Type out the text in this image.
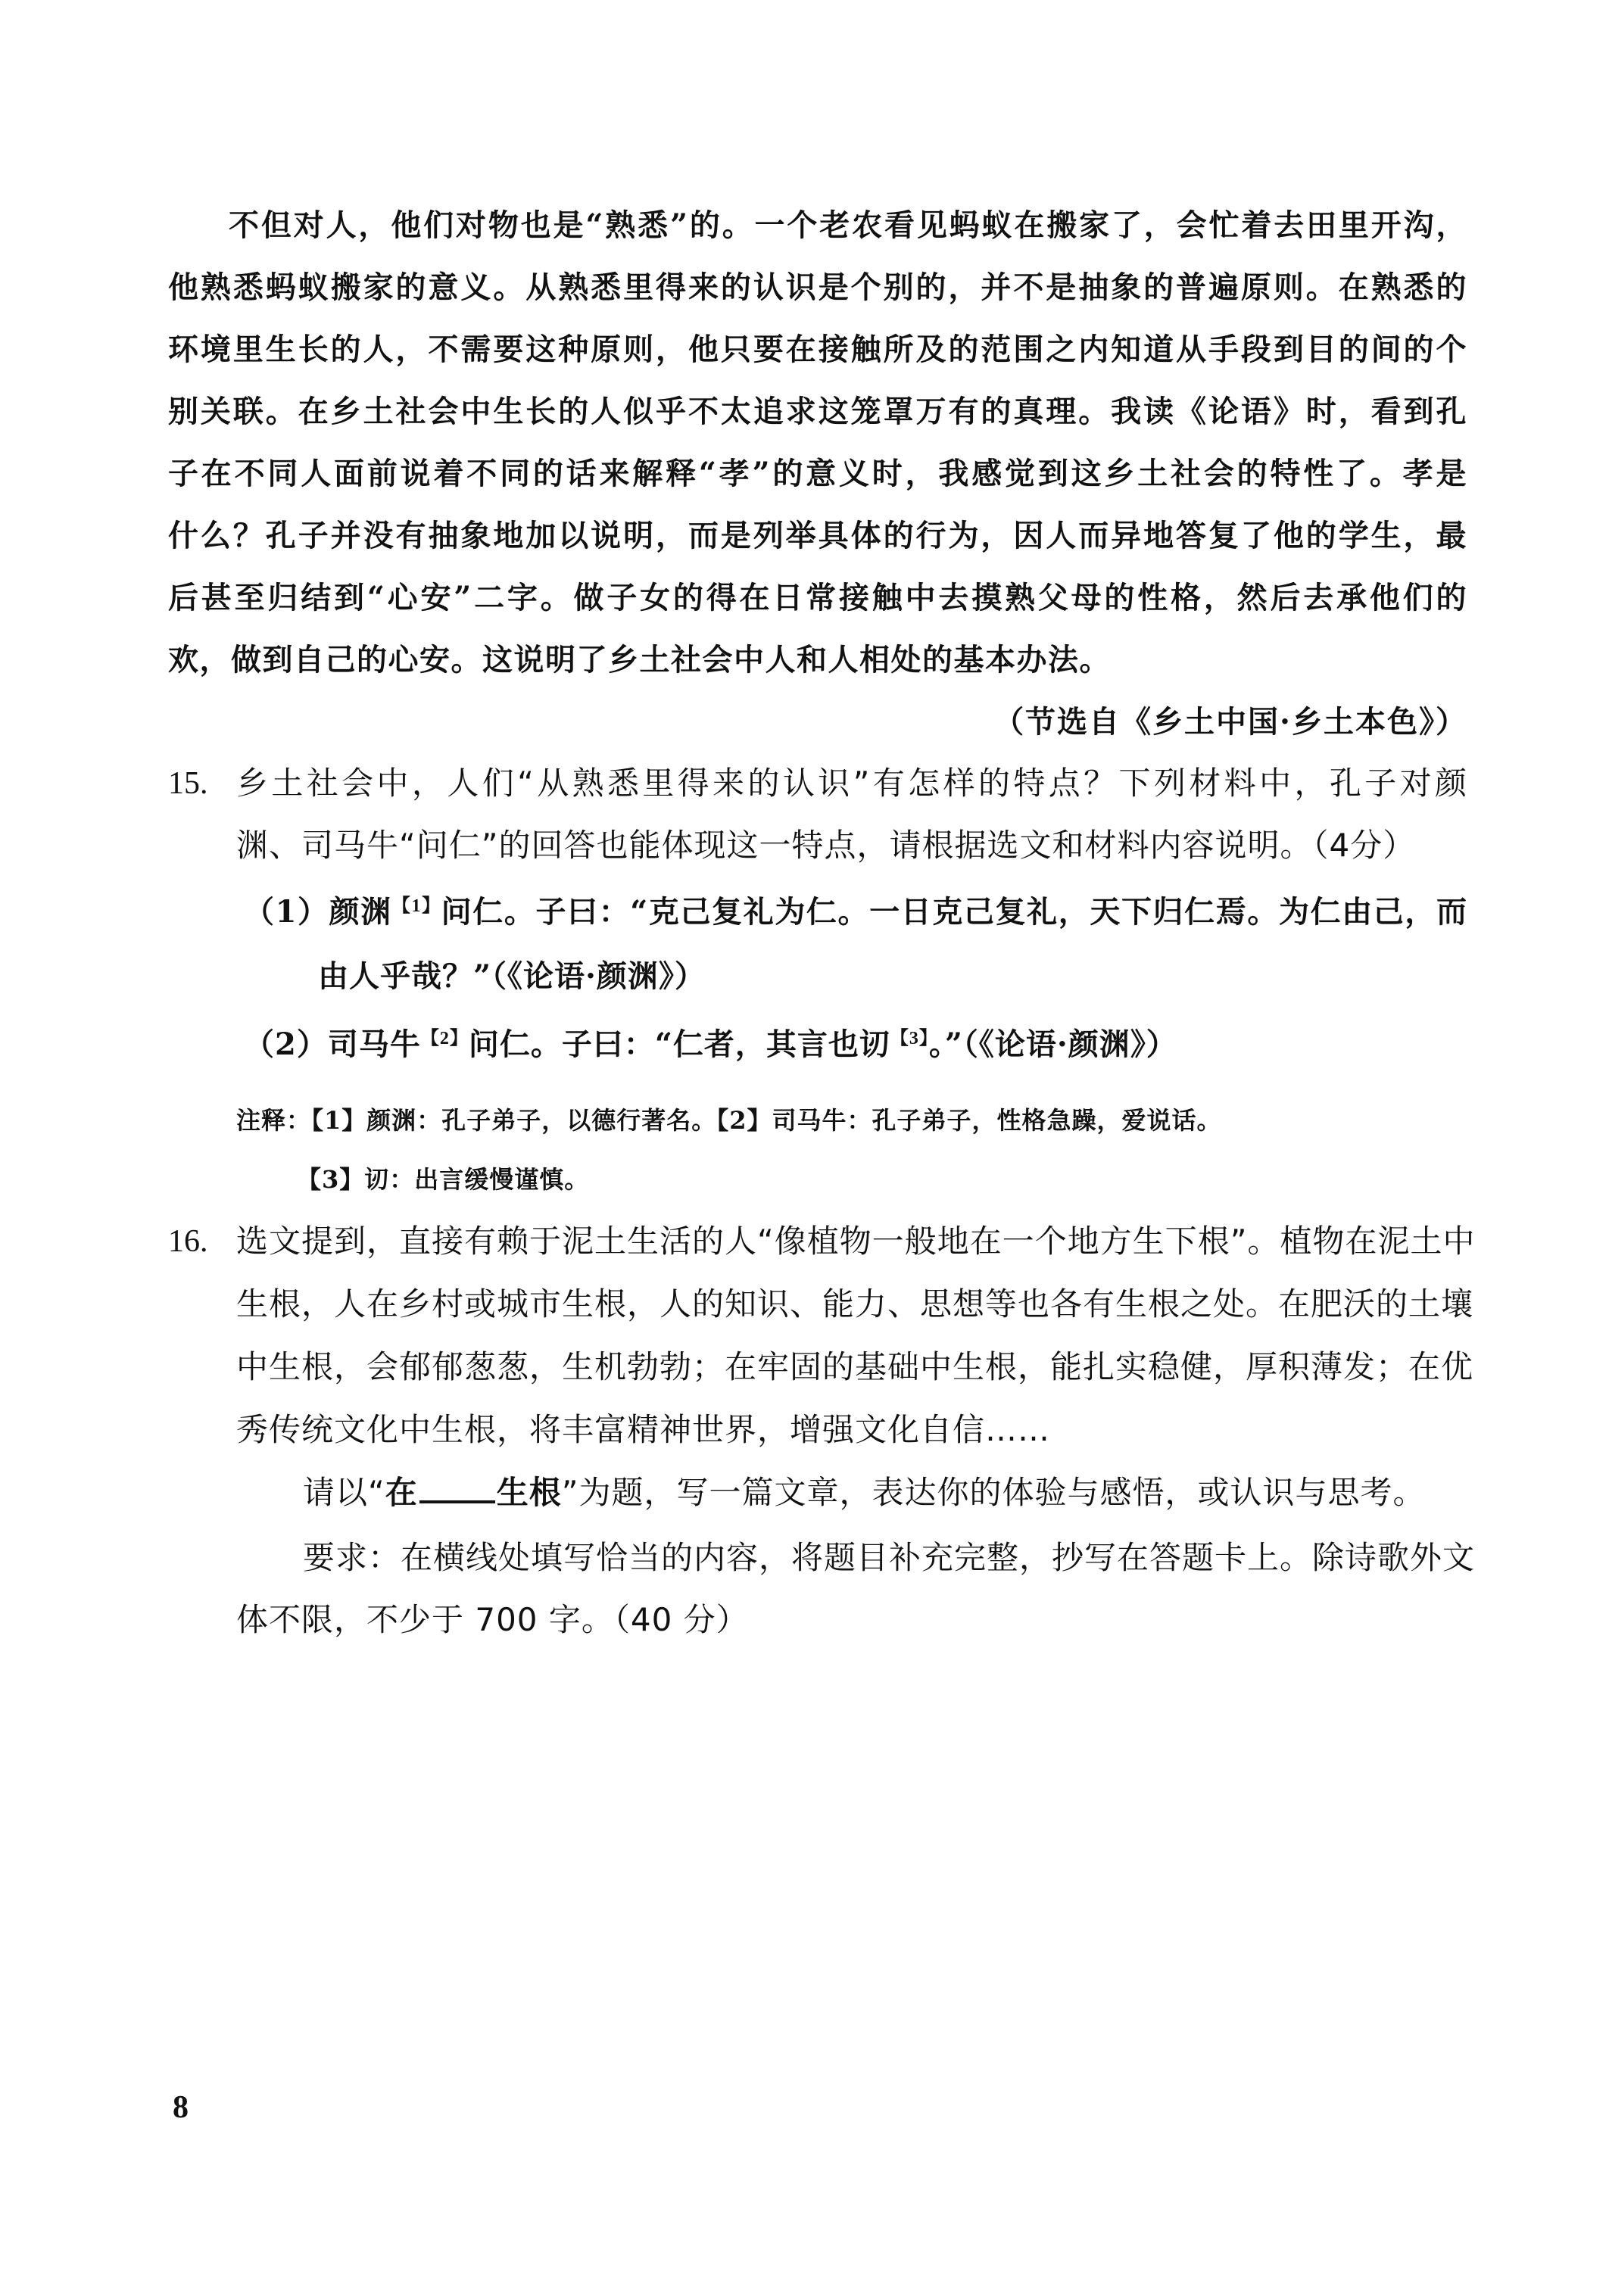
不但对人，他们对物也是“熟悉”的。一个老农看见蚂蚁在搬家了，会忙着去田里开沟，
他熟悉蚂蚁搬家的意义。从熟悉里得来的认识是个别的，并不是抽象的普遍原则。在熟悉的
环境里生长的人，不需要这种原则，他只要在接触所及的范围之内知道从手段到目的间的个
别关联。在乡土社会中生长的人似乎不太追求这笼罩万有的真理。我读《论语》时，看到孔
子在不同人面前说着不同的话来解释“孝”的意义时，我感觉到这乡土社会的特性了。孝是
什么？孔子并没有抽象地加以说明，而是列举具体的行为，因人而异地答复了他的学生，最
后甚至归结到“心安”二字。做子女的得在日常接触中去摸熟父母的性格，然后去承他们的
欢，做到自己的心安。这说明了乡土社会中人和人相处的基本办法。
（节选自《乡土中国·乡土本色》）
15. 乡土社会中，人们“从熟悉里得来的认识”有怎样的特点？下列材料中，孔子对颜
渊、司马牛“问仁”的回答也能体现这一特点，请根据选文和材料内容说明。（4分）
（1）颜渊$^{【1】}$问仁。子曰：“克己复礼为仁。一日克己复礼，天下归仁焉。为仁由己，而
由人乎哉？”（《论语·颜渊》）
（2）司马牛$^{【2】}$问仁。子曰：“仁者，其言也讱$^{【3】}$。”（《论语·颜渊》）
注释：【1】颜渊：孔子弟子，以德行著名。【2】司马牛：孔子弟子，性格急躁，爱说话。
【3】讱：出言缓慢谨慎。
16. 选文提到，直接有赖于泥土生活的人“像植物一般地在一个地方生下根”。植物在泥土中
生根，人在乡村或城市生根，人的知识、能力、思想等也各有生根之处。在肥沃的土壤
中生根，会郁郁葱葱，生机勃勃；在牢固的基础中生根，能扎实稳健，厚积薄发；在优
秀传统文化中生根，将丰富精神世界，增强文化自信……
请以“在 生根”为题，写一篇文章，表达你的体验与感悟，或认识与思考。
要求：在横线处填写恰当的内容，将题目补充完整，抄写在答题卡上。除诗歌外文
体不限，不少于 700 字。（40 分）
8
